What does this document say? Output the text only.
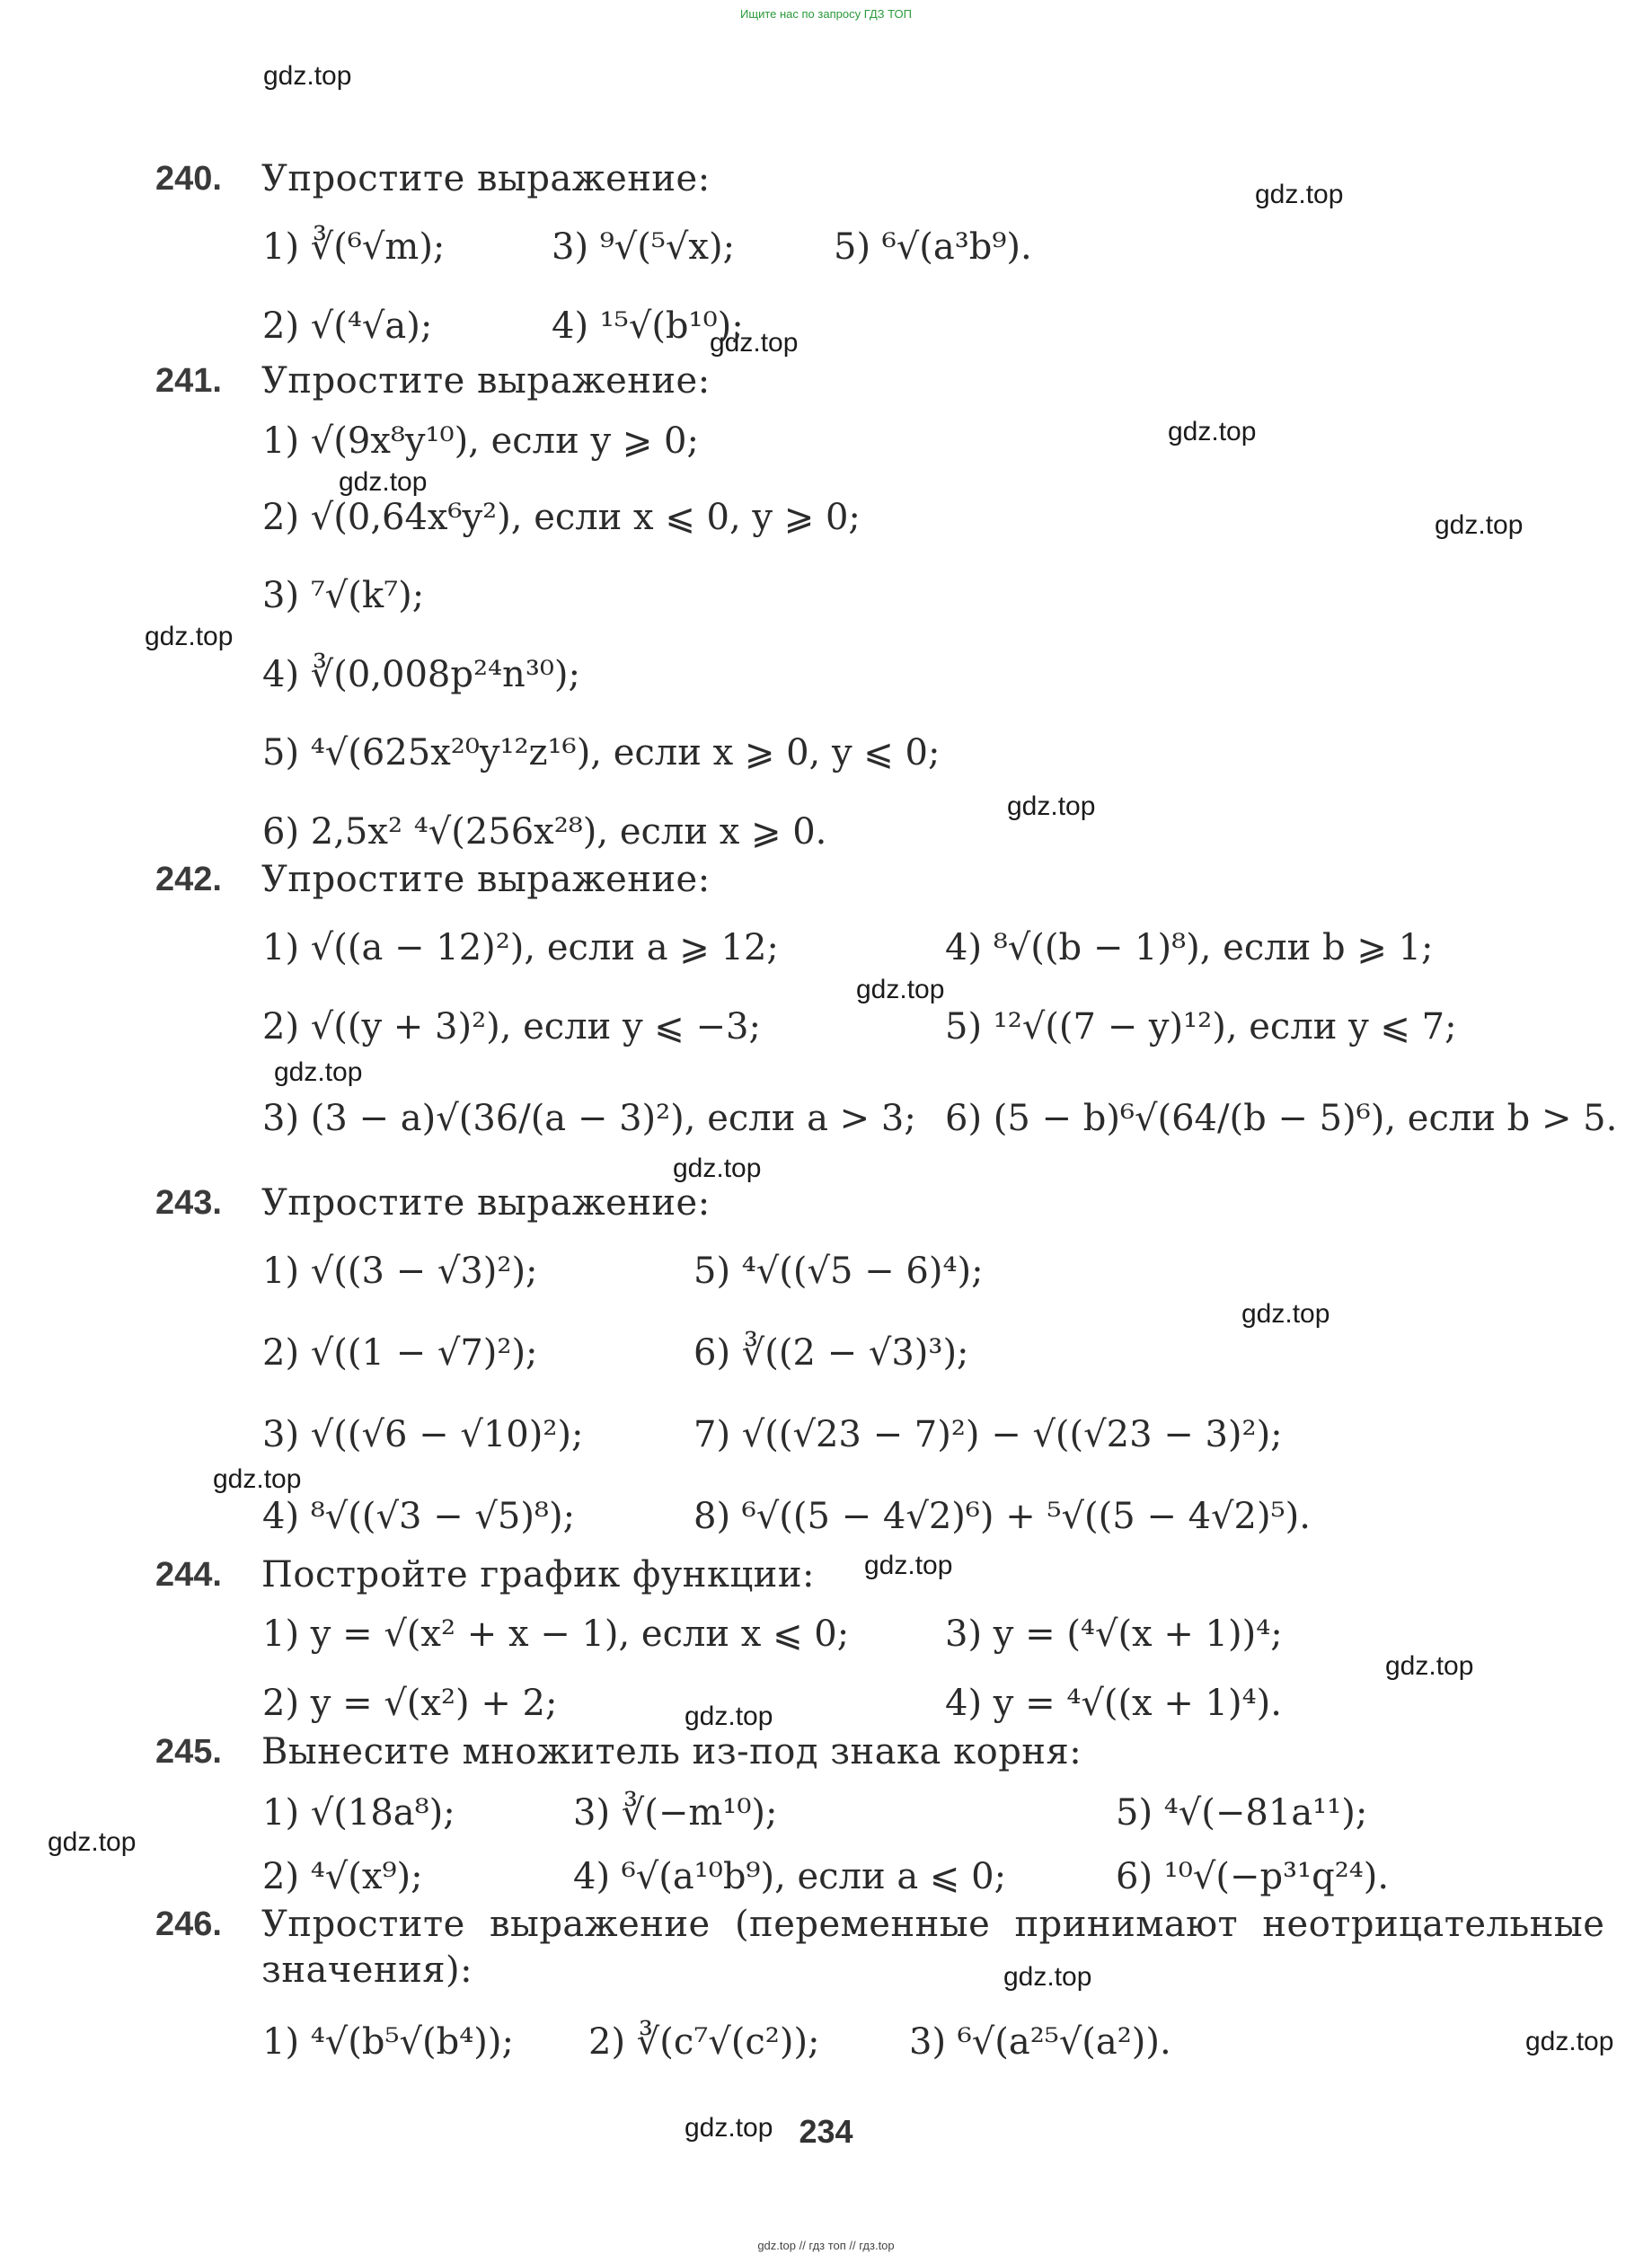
Ищите нас по запросу ГДЗ ТОП
gdz.top
gdz.top
gdz.top
gdz.top
gdz.top
gdz.top
gdz.top
gdz.top
gdz.top
gdz.top
gdz.top
gdz.top
gdz.top
gdz.top
gdz.top
gdz.top
gdz.top
gdz.top
gdz.top
gdz.top
240. Упростите выражение:
1) ∛(⁶√m);	3) ⁹√(⁵√x);	5) ⁶√(a³b⁹).
2) √(⁴√a);	4) ¹⁵√(b¹⁰);
241. Упростите выражение:
1) √(9x⁸y¹⁰), если y ⩾ 0;
2) √(0,64x⁶y²), если x ⩽ 0, y ⩾ 0;
3) ⁷√(k⁷);
4) ∛(0,008p²⁴n³⁰);
5) ⁴√(625x²⁰y¹²z¹⁶), если x ⩾ 0, y ⩽ 0;
6) 2,5x² ⁴√(256x²⁸), если x ⩾ 0.
242. Упростите выражение:
1) √((a − 12)²), если a ⩾ 12;	4) ⁸√((b − 1)⁸), если b ⩾ 1;
2) √((y + 3)²), если y ⩽ −3;	5) ¹²√((7 − y)¹²), если y ⩽ 7;
3) (3 − a)√(36/(a − 3)²), если a > 3; 6) (5 − b)⁶√(64/(b − 5)⁶), если b > 5.
243. Упростите выражение:
1) √((3 − √3)²);	5) ⁴√((√5 − 6)⁴);
2) √((1 − √7)²);	6) ∛((2 − √3)³);
3) √((√6 − √10)²);	7) √((√23 − 7)²) − √((√23 − 3)²);
4) ⁸√((√3 − √5)⁸);	8) ⁶√((5 − 4√2)⁶) + ⁵√((5 − 4√2)⁵).
244. Постройте график функции:
1) y = √(x² + x − 1), если x ⩽ 0;	3) y = (⁴√(x + 1))⁴;
2) y = √(x²) + 2;	4) y = ⁴√((x + 1)⁴).
245. Вынесите множитель из-под знака корня:
1) √(18a⁸);	3) ∛(−m¹⁰);	5) ⁴√(−81a¹¹);
2) ⁴√(x⁹);	4) ⁶√(a¹⁰b⁹), если a ⩽ 0;	6) ¹⁰√(−p³¹q²⁴).
246. Упростите выражение (переменные принимают неотрицательные
значения):
1) ⁴√(b⁵√(b⁴)); 2) ∛(c⁷√(c²)); 3) ⁶√(a²⁵√(a²)).
234
gdz.top // гдз топ // гдз.top
